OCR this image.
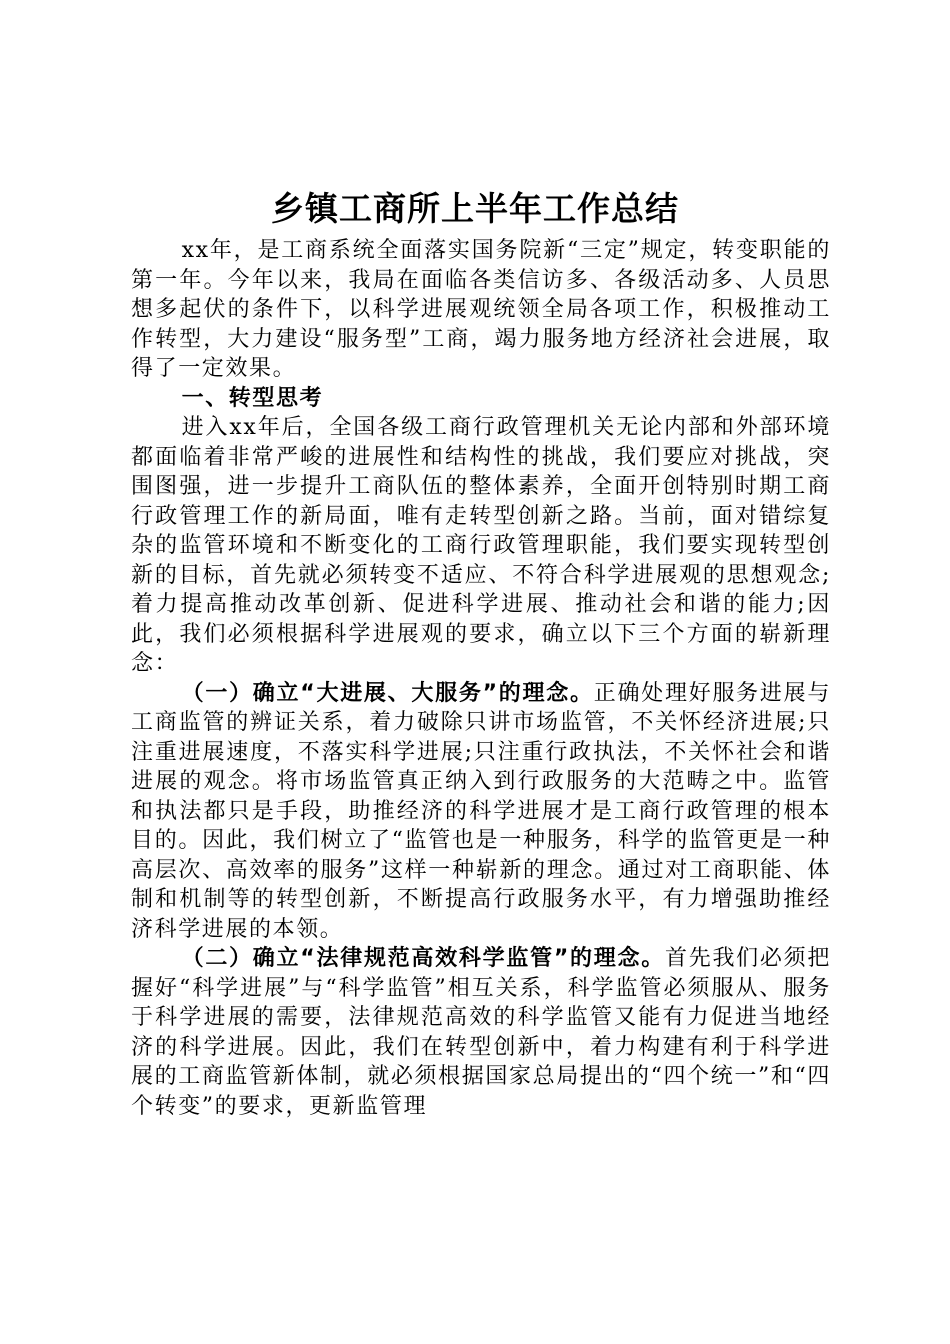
乡镇工商所上半年工作总结

xx年，是工商系统全面落实国务院新“三定”规定，转变职能的第一年。今年以来，我局在面临各类信访多、各级活动多、人员思想多起伏的条件下，以科学进展观统领全局各项工作，积极推动工作转型，大力建设“服务型”工商，竭力服务地方经济社会进展，取得了一定效果。

一、转型思考

进入xx年后，全国各级工商行政管理机关无论内部和外部环境都面临着非常严峻的进展性和结构性的挑战，我们要应对挑战，突围图强，进一步提升工商队伍的整体素养，全面开创特别时期工商行政管理工作的新局面，唯有走转型创新之路。当前，面对错综复杂的监管环境和不断变化的工商行政管理职能，我们要实现转型创新的目标，首先就必须转变不适应、不符合科学进展观的思想观念;着力提高推动改革创新、促进科学进展、推动社会和谐的能力;因此，我们必须根据科学进展观的要求，确立以下三个方面的崭新理念：

（一）确立“大进展、大服务”的理念。正确处理好服务进展与工商监管的辨证关系，着力破除只讲市场监管，不关怀经济进展;只注重进展速度，不落实科学进展;只注重行政执法，不关怀社会和谐进展的观念。将市场监管真正纳入到行政服务的大范畴之中。监管和执法都只是手段，助推经济的科学进展才是工商行政管理的根本目的。因此，我们树立了“监管也是一种服务，科学的监管更是一种高层次、高效率的服务”这样一种崭新的理念。通过对工商职能、体制和机制等的转型创新，不断提高行政服务水平，有力增强助推经济科学进展的本领。

（二）确立“法律规范高效科学监管”的理念。首先我们必须把握好“科学进展”与“科学监管”相互关系，科学监管必须服从、服务于科学进展的需要，法律规范高效的科学监管又能有力促进当地经济的科学进展。因此，我们在转型创新中，着力构建有利于科学进展的工商监管新体制，就必须根据国家总局提出的“四个统一”和“四个转变”的要求，更新监管理
